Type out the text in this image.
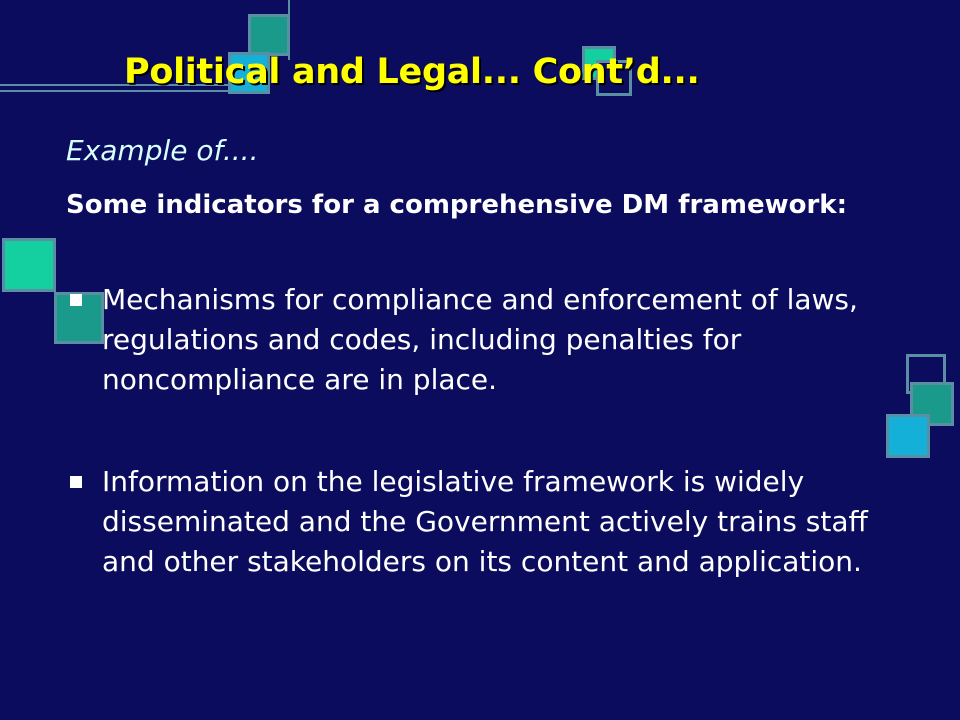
Political and Legal... Cont’d...
Example of....
Some indicators for a comprehensive DM framework:
Mechanisms for compliance and enforcement of laws, regulations and codes, including penalties for noncompliance are in place.
Information on the legislative framework is widely disseminated and the Government actively trains staff and other stakeholders on its content and application.
